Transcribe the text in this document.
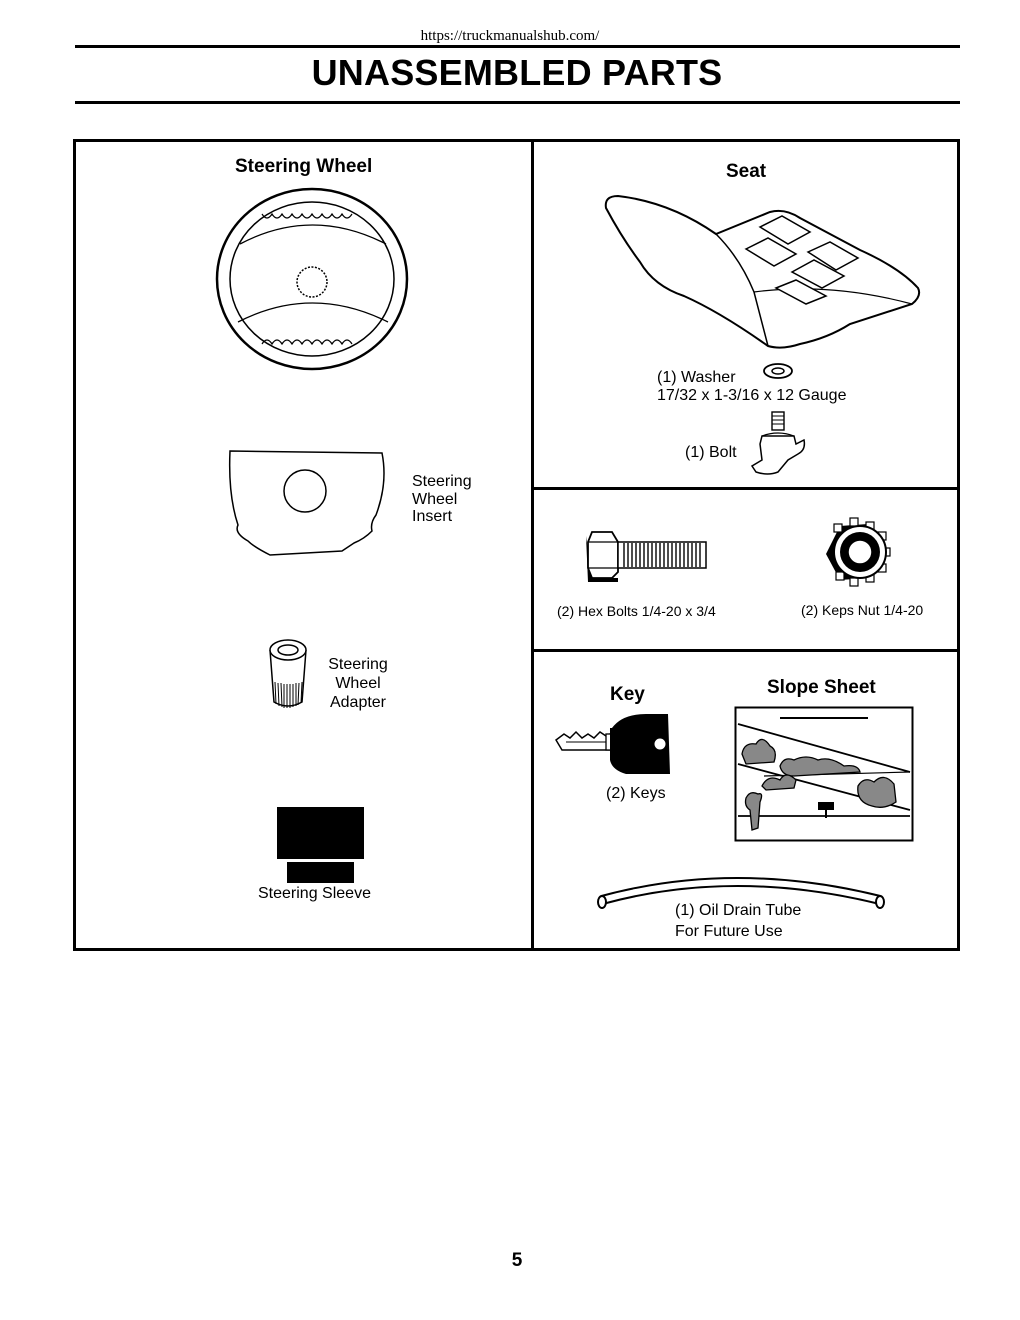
https://truckmanualshub.com/
UNASSEMBLED PARTS
Steering Wheel
Steering
Wheel
Insert
Steering
Wheel
Adapter
Steering Sleeve
Seat
(1) Washer
17/32 x 1-3/16 x 12 Gauge
(1) Bolt
(2) Hex Bolts 1/4-20 x 3/4	(2) Keps Nut 1/4-20
Key
(2) Keys
Slope Sheet
(1) Oil Drain Tube
For Future Use
5
